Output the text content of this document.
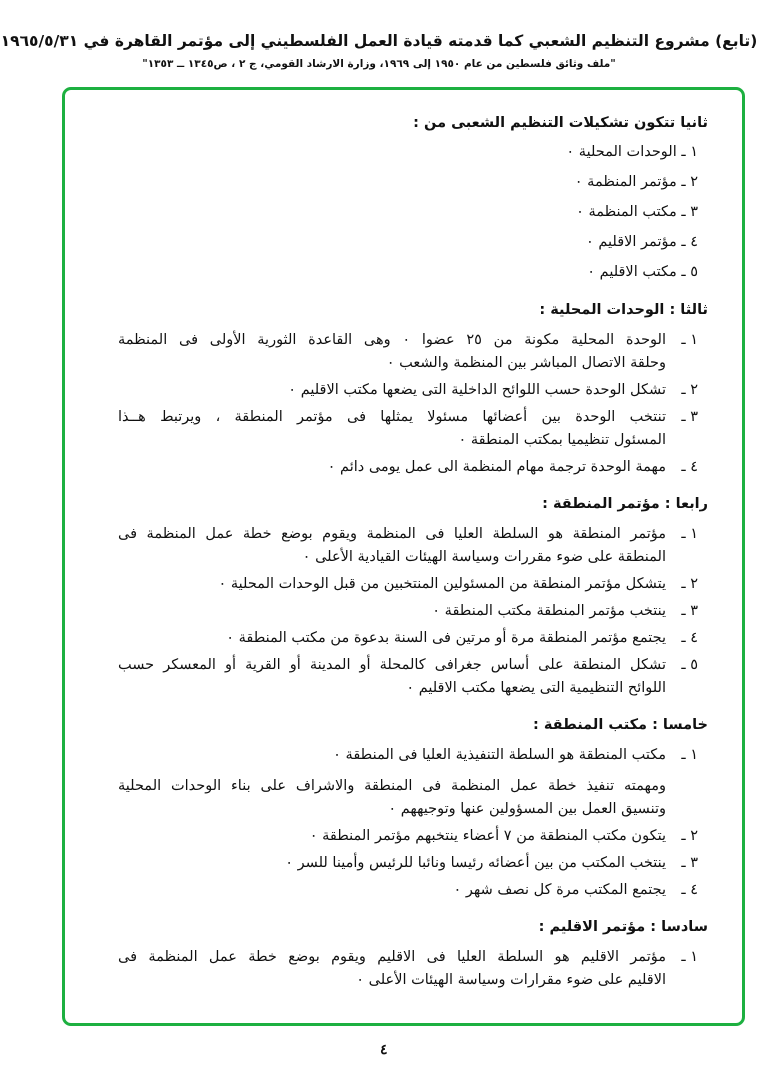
(تابع) مشروع التنظيم الشعبي كما قدمته قيادة العمل الفلسطيني إلى مؤتمر القاهرة في ١٩٦٥/٥/٣١
"ملف وثائق فلسطين من عام ١٩٥٠ إلى ١٩٦٩، وزارة الارشاد القومي، ج ٢ ، ص١٣٤٥ ــ ١٣٥٣"
ثانيا تتكون تشكيلات التنظيم الشعبى من :
١ ـ الوحدات المحلية ٠
٢ ـ مؤتمر المنظمة ٠
٣ ـ مكتب المنظمة ٠
٤ ـ مؤتمر الاقليم ٠
٥ ـ مكتب الاقليم ٠
ثالثا : الوحدات المحلية :
١ ـ
الوحدة المحلية مكونة من ٢٥ عضوا ٠ وهى القاعدة الثورية الأولى فى المنظمة
وحلقة الاتصال المباشر بين المنظمة والشعب ٠
٢ ـ
تشكل الوحدة حسب اللوائح الداخلية التى يضعها مكتب الاقليم ٠
٣ ـ
تنتخب الوحدة بين أعضائها مسئولا يمثلها فى مؤتمر المنطقة ، ويرتبط هــذا
المسئول تنظيميا بمكتب المنطقة ٠
٤ ـ
مهمة الوحدة ترجمة مهام المنظمة الى عمل يومى دائم ٠
رابعا : مؤتمر المنطقة :
١ ـ
مؤتمر المنطقة هو السلطة العليا فى المنظمة ويقوم بوضع خطة عمل المنظمة فى
المنطقة على ضوء مقررات وسياسة الهيئات القيادية الأعلى ٠
٢ ـ
يتشكل مؤتمر المنطقة من المسئولين المنتخبين من قبل الوحدات المحلية ٠
٣ ـ
ينتخب مؤتمر المنطقة مكتب المنطقة ٠
٤ ـ
يجتمع مؤتمر المنطقة مرة أو مرتين فى السنة بدعوة من مكتب المنطقة ٠
٥ ـ
تشكل المنطقة على أساس جغرافى كالمحلة أو المدينة أو القرية أو المعسكر حسب
اللوائح التنظيمية التى يضعها مكتب الاقليم ٠
خامسا : مكتب المنطقة :
١ ـ
مكتب المنطقة هو السلطة التنفيذية العليا فى المنطقة ٠
ومهمته تنفيذ خطة عمل المنظمة فى المنطقة والاشراف على بناء الوحدات المحلية
وتنسيق العمل بين المسؤولين عنها وتوجيههم ٠
٢ ـ
يتكون مكتب المنطقة من ٧ أعضاء ينتخبهم مؤتمر المنطقة ٠
٣ ـ
ينتخب المكتب من بين أعضائه رئيسا ونائبا للرئيس وأمينا للسر ٠
٤ ـ
يجتمع المكتب مرة كل نصف شهر ٠
سادسا : مؤتمر الاقليم :
١ ـ
مؤتمر الاقليم هو السلطة العليا فى الاقليم ويقوم بوضع خطة عمل المنظمة فى
الاقليم على ضوء مقرارات وسياسة الهيئات الأعلى ٠
٤
